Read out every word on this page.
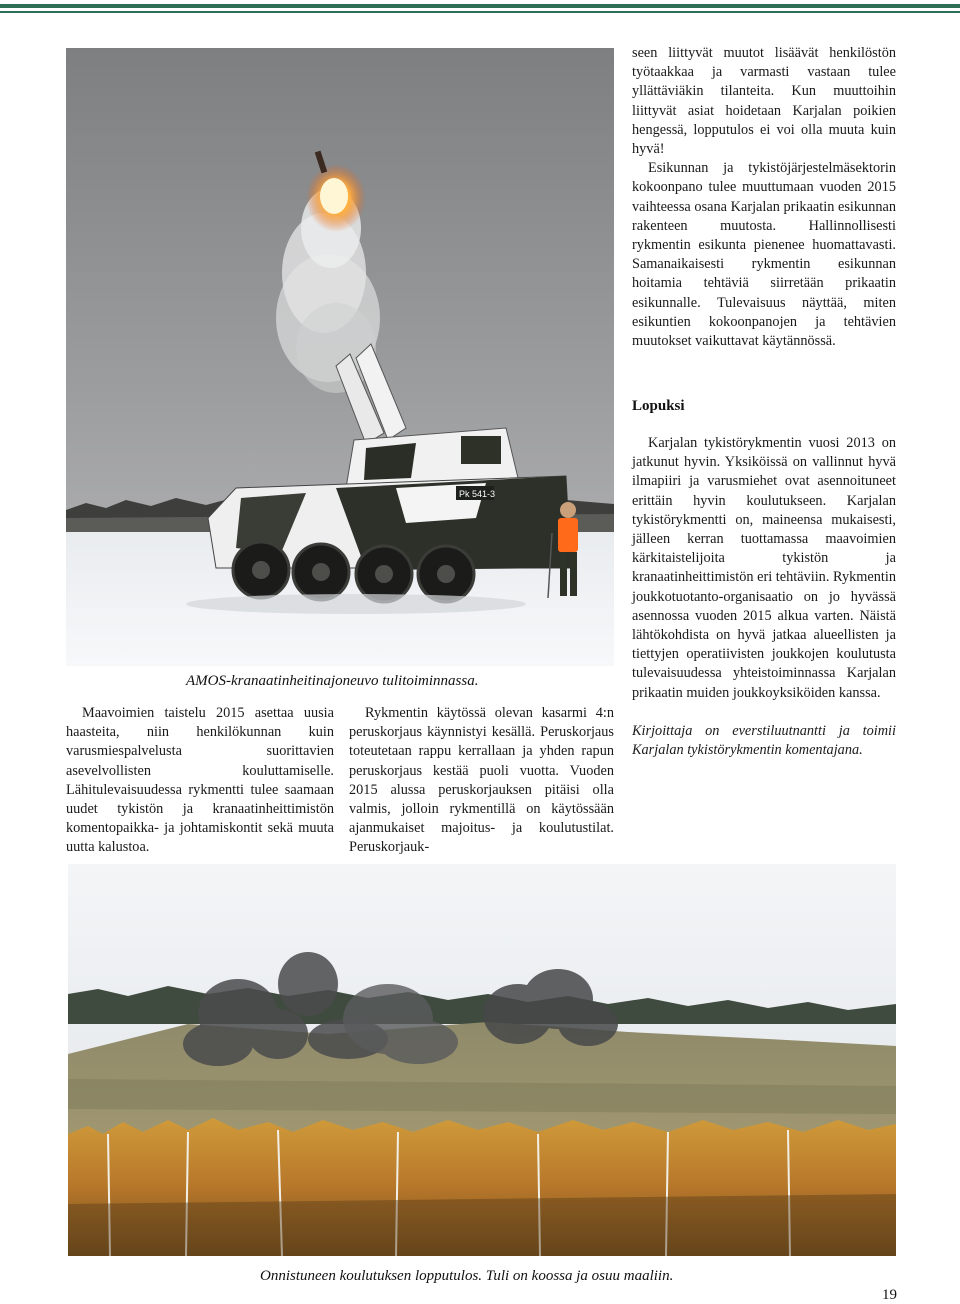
Pk 541-3
AMOS-kranaatinheitinajoneuvo tulitoiminnassa.

seen liittyvät muutot lisäävät henkilöstön työtaakkaa ja varmasti vastaan tulee yllättäviäkin tilanteita. Kun muuttoihin liittyvät asiat hoidetaan Karjalan poikien hengessä, lopputulos ei voi olla muuta kuin hyvä!

Esikunnan ja tykistöjärjestelmäsektorin kokoonpano tulee muuttumaan vuoden 2015 vaihteessa osana Karjalan prikaatin esikunnan rakenteen muutosta. Hallinnollisesti rykmentin esikunta pienenee huomattavasti. Samanaikaisesti rykmentin esikunnan hoitamia tehtäviä siirretään prikaatin esikunnalle. Tulevaisuus näyttää, miten esikuntien kokoonpanojen ja tehtävien muutokset vaikuttavat käytännössä.

Lopuksi

Karjalan tykistörykmentin vuosi 2013 on jatkunut hyvin. Yksiköissä on vallinnut hyvä ilmapiiri ja varusmiehet ovat asennoituneet erittäin hyvin koulutukseen. Karjalan tykistörykmentti on, maineensa mukaisesti, jälleen kerran tuottamassa maavoimien kärkitaistelijoita tykistön ja kranaatinheittimistön eri tehtäviin. Rykmentin joukkotuotanto-organisaatio on jo hyvässä asennossa vuoden 2015 alkua varten. Näistä lähtökohdista on hyvä jatkaa alueellisten ja tiettyjen operatiivisten joukkojen koulutusta tulevaisuudessa yhteistoiminnassa Karjalan prikaatin muiden joukkoyksiköiden kanssa.

Kirjoittaja on everstiluutnantti ja toimii Karjalan tykistörykmentin komentajana.

Maavoimien taistelu 2015 asettaa uusia haasteita, niin henkilökunnan kuin varusmiespalvelusta suorittavien asevelvollisten kouluttamiselle. Lähitulevaisuudessa rykmentti tulee saamaan uudet tykistön ja kranaatinheittimistön komentopaikka- ja johtamiskontit sekä muuta uutta kalustoa.

Rykmentin käytössä olevan kasarmi 4:n peruskorjaus käynnistyi kesällä. Peruskorjaus toteutetaan rappu kerrallaan ja yhden rapun peruskorjaus kestää puoli vuotta. Vuoden 2015 alussa peruskorjauksen pitäisi olla valmis, jolloin rykmentillä on käytössään ajanmukaiset majoitus- ja koulutustilat. Peruskorjauk-

Onnistuneen koulutuksen lopputulos. Tuli on koossa ja osuu maaliin.
19
